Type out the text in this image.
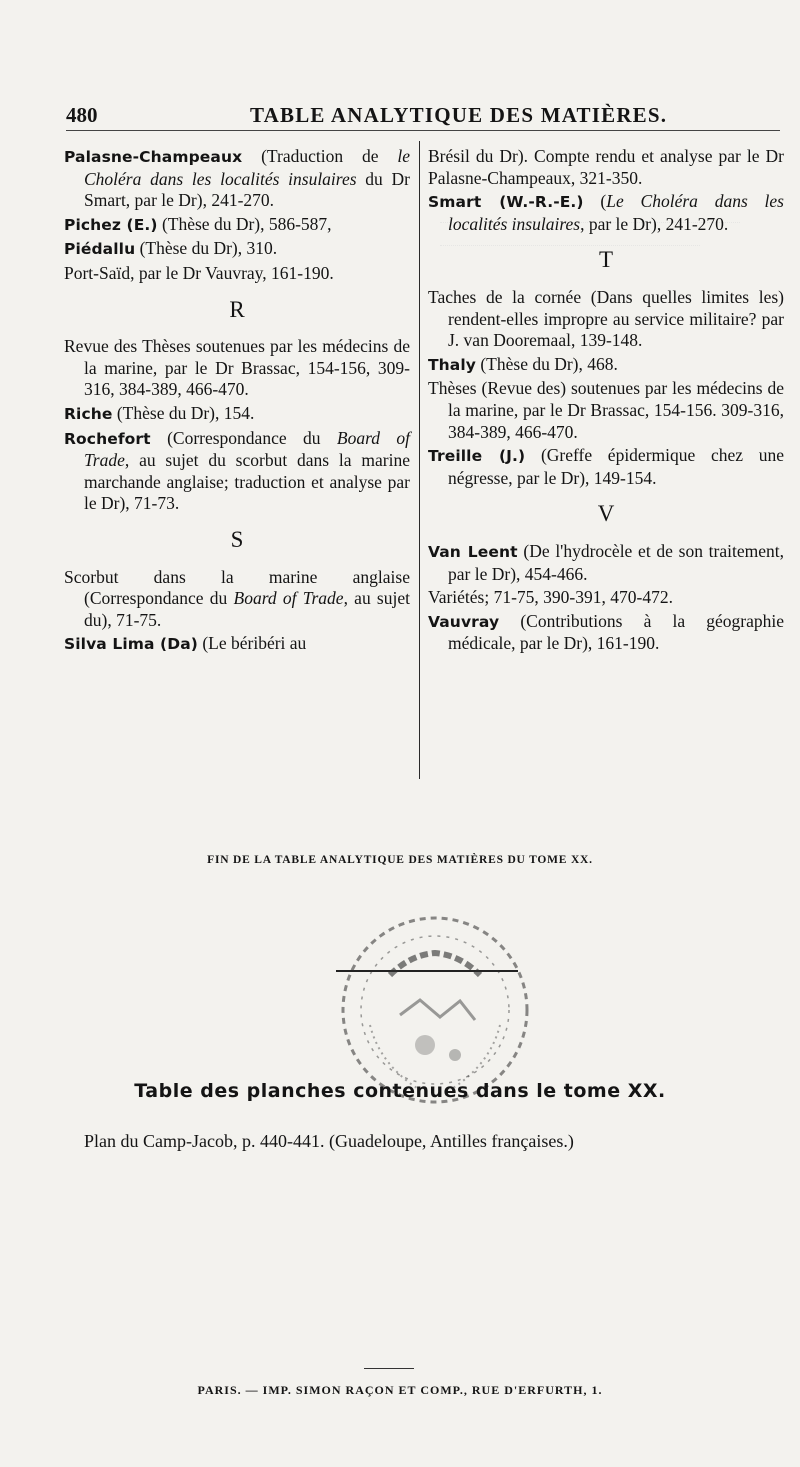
480	TABLE ANALYTIQUE DES MATIÈRES.

Palasne-Champeaux (Traduction de le Choléra dans les localités insulaires du Dr Smart, par le Dr), 241-270.

Pichez (E.) (Thèse du Dr), 586-587,

Piédallu (Thèse du Dr), 310.

Port-Saïd, par le Dr Vauvray, 161-190.

R

Revue des Thèses soutenues par les médecins de la marine, par le Dr Brassac, 154-156, 309-316, 384-389, 466-470.

Riche (Thèse du Dr), 154.

Rochefort (Correspondance du Board of Trade, au sujet du scorbut dans la marine marchande anglaise; traduction et analyse par le Dr), 71-73.

S

Scorbut dans la marine anglaise (Correspondance du Board of Trade, au sujet du), 71-75.

Silva Lima (Da) (Le béribéri au

Brésil du Dr). Compte rendu et analyse par le Dr Palasne-Champeaux, 321-350.

Smart (W.-R.-E.) (Le Choléra dans les localités insulaires, par le Dr), 241-270.

T

Taches de la cornée (Dans quelles limites les) rendent-elles impropre au service militaire? par J. van Dooremaal, 139-148.

Thaly (Thèse du Dr), 468.

Thèses (Revue des) soutenues par les médecins de la marine, par le Dr Brassac, 154-156. 309-316, 384-389, 466-470.

Treille (J.) (Greffe épidermique chez une négresse, par le Dr), 149-154.

V

Van Leent (De l'hydrocèle et de son traitement, par le Dr), 454-466.

Variétés; 71-75, 390-391, 470-472.

Vauvray (Contributions à la géographie médicale, par le Dr), 161-190.

FIN DE LA TABLE ANALYTIQUE DES MATIÈRES DU TOME XX.
Table des planches contenues dans le tome XX.
Plan du Camp-Jacob, p. 440-441. (Guadeloupe, Antilles françaises.)
PARIS. — IMP. SIMON RAÇON ET COMP., RUE D'ERFURTH, 1.
